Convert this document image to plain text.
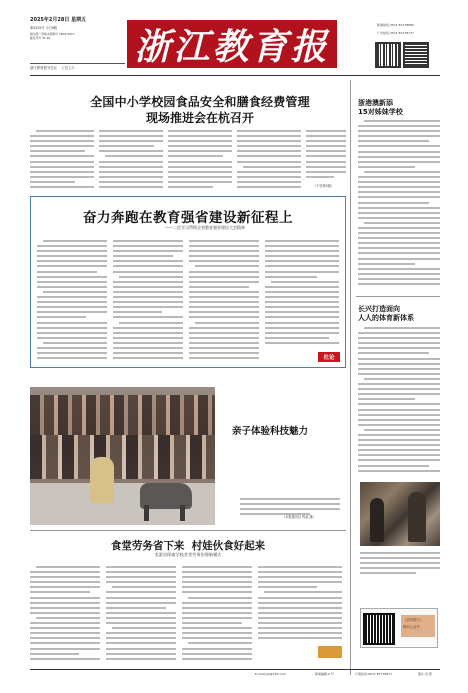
2025年2月28日 星期五
第4259号 今日8版
国内统一连续出版物号 CN33-0017
邮发代号 31-16
浙江教育报刊总社 主管主办
浙江教育报
新闻热线 0571-87778860
广告热线 0571-87778177
全国中小学校园食品安全和膳食经费管理
现场推进会在杭召开
（下转第3版）
浙港澳新添
15对姊妹学校
长兴打造面向
人人的体育新体系
《美育浙江》
微信公众号
奋力奔跑在教育强省建设新征程上
——二论学习贯彻全省教育强省建设大会精神
社论
亲子体验科技魅力
（本报通讯员 程某 摄）
食堂劳务省下来  村娃伙食好起来
龙游县探索学校食堂劳务治理新模式
E-mail:jyb@163.com	新闻编辑:0 号	订阅热线:0571-87778077	照片:宋 陈
